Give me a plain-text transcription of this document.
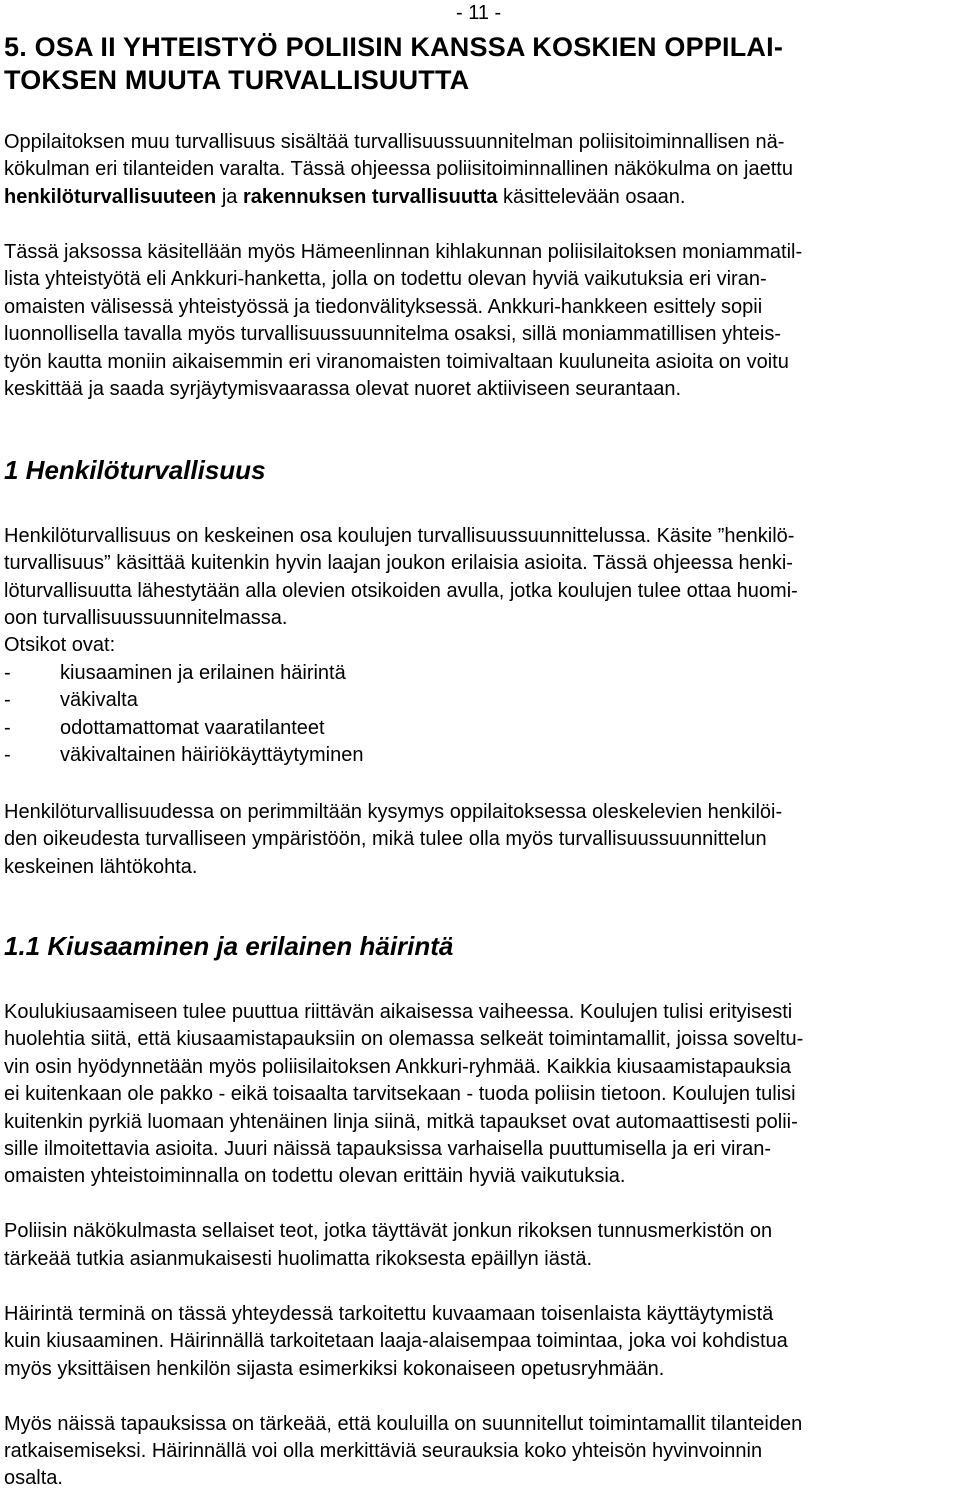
- 11 -
5. OSA II YHTEISTYÖ POLIISIN KANSSA KOSKIEN OPPILAI-
TOKSEN MUUTA TURVALLISUUTTA
Oppilaitoksen muu turvallisuus sisältää turvallisuussuunnitelman poliisitoiminnallisen nä-
kökulman eri tilanteiden varalta. Tässä ohjeessa poliisitoiminnallinen näkökulma on jaettu
henkilöturvallisuuteen ja rakennuksen turvallisuutta käsittelevään osaan.
Tässä jaksossa käsitellään myös Hämeenlinnan kihlakunnan poliisilaitoksen moniammatil-
lista yhteistyötä eli Ankkuri-hanketta, jolla on todettu olevan hyviä vaikutuksia eri viran-
omaisten välisessä yhteistyössä ja tiedonvälityksessä. Ankkuri-hankkeen esittely sopii
luonnollisella tavalla myös turvallisuussuunnitelma osaksi, sillä moniammatillisen yhteis-
työn kautta moniin aikaisemmin eri viranomaisten toimivaltaan kuuluneita asioita on voitu
keskittää ja saada syrjäytymisvaarassa olevat nuoret aktiiviseen seurantaan.
1 Henkilöturvallisuus
Henkilöturvallisuus on keskeinen osa koulujen turvallisuussuunnittelussa. Käsite ”henkilö-
turvallisuus” käsittää kuitenkin hyvin laajan joukon erilaisia asioita. Tässä ohjeessa henki-
löturvallisuutta lähestytään alla olevien otsikoiden avulla, jotka koulujen tulee ottaa huomi-
oon turvallisuussuunnitelmassa.
Otsikot ovat:
- kiusaaminen ja erilainen häirintä
- väkivalta
- odottamattomat vaaratilanteet
- väkivaltainen häiriökäyttäytyminen
Henkilöturvallisuudessa on perimmiltään kysymys oppilaitoksessa oleskelevien henkilöi-
den oikeudesta turvalliseen ympäristöön, mikä tulee olla myös turvallisuussuunnittelun
keskeinen lähtökohta.
1.1 Kiusaaminen ja erilainen häirintä
Koulukiusaamiseen tulee puuttua riittävän aikaisessa vaiheessa. Koulujen tulisi erityisesti
huolehtia siitä, että kiusaamistapauksiin on olemassa selkeät toimintamallit, joissa soveltu-
vin osin hyödynnetään myös poliisilaitoksen Ankkuri-ryhmää. Kaikkia kiusaamistapauksia
ei kuitenkaan ole pakko - eikä toisaalta tarvitsekaan - tuoda poliisin tietoon. Koulujen tulisi
kuitenkin pyrkiä luomaan yhtenäinen linja siinä, mitkä tapaukset ovat automaattisesti polii-
sille ilmoitettavia asioita. Juuri näissä tapauksissa varhaisella puuttumisella ja eri viran-
omaisten yhteistoiminnalla on todettu olevan erittäin hyviä vaikutuksia.
Poliisin näkökulmasta sellaiset teot, jotka täyttävät jonkun rikoksen tunnusmerkistön on
tärkeää tutkia asianmukaisesti huolimatta rikoksesta epäillyn iästä.
Häirintä terminä on tässä yhteydessä tarkoitettu kuvaamaan toisenlaista käyttäytymistä
kuin kiusaaminen. Häirinnällä tarkoitetaan laaja-alaisempaa toimintaa, joka voi kohdistua
myös yksittäisen henkilön sijasta esimerkiksi kokonaiseen opetusryhmään.
Myös näissä tapauksissa on tärkeää, että kouluilla on suunnitellut toimintamallit tilanteiden
ratkaisemiseksi. Häirinnällä voi olla merkittäviä seurauksia koko yhteisön hyvinvoinnin
osalta.
